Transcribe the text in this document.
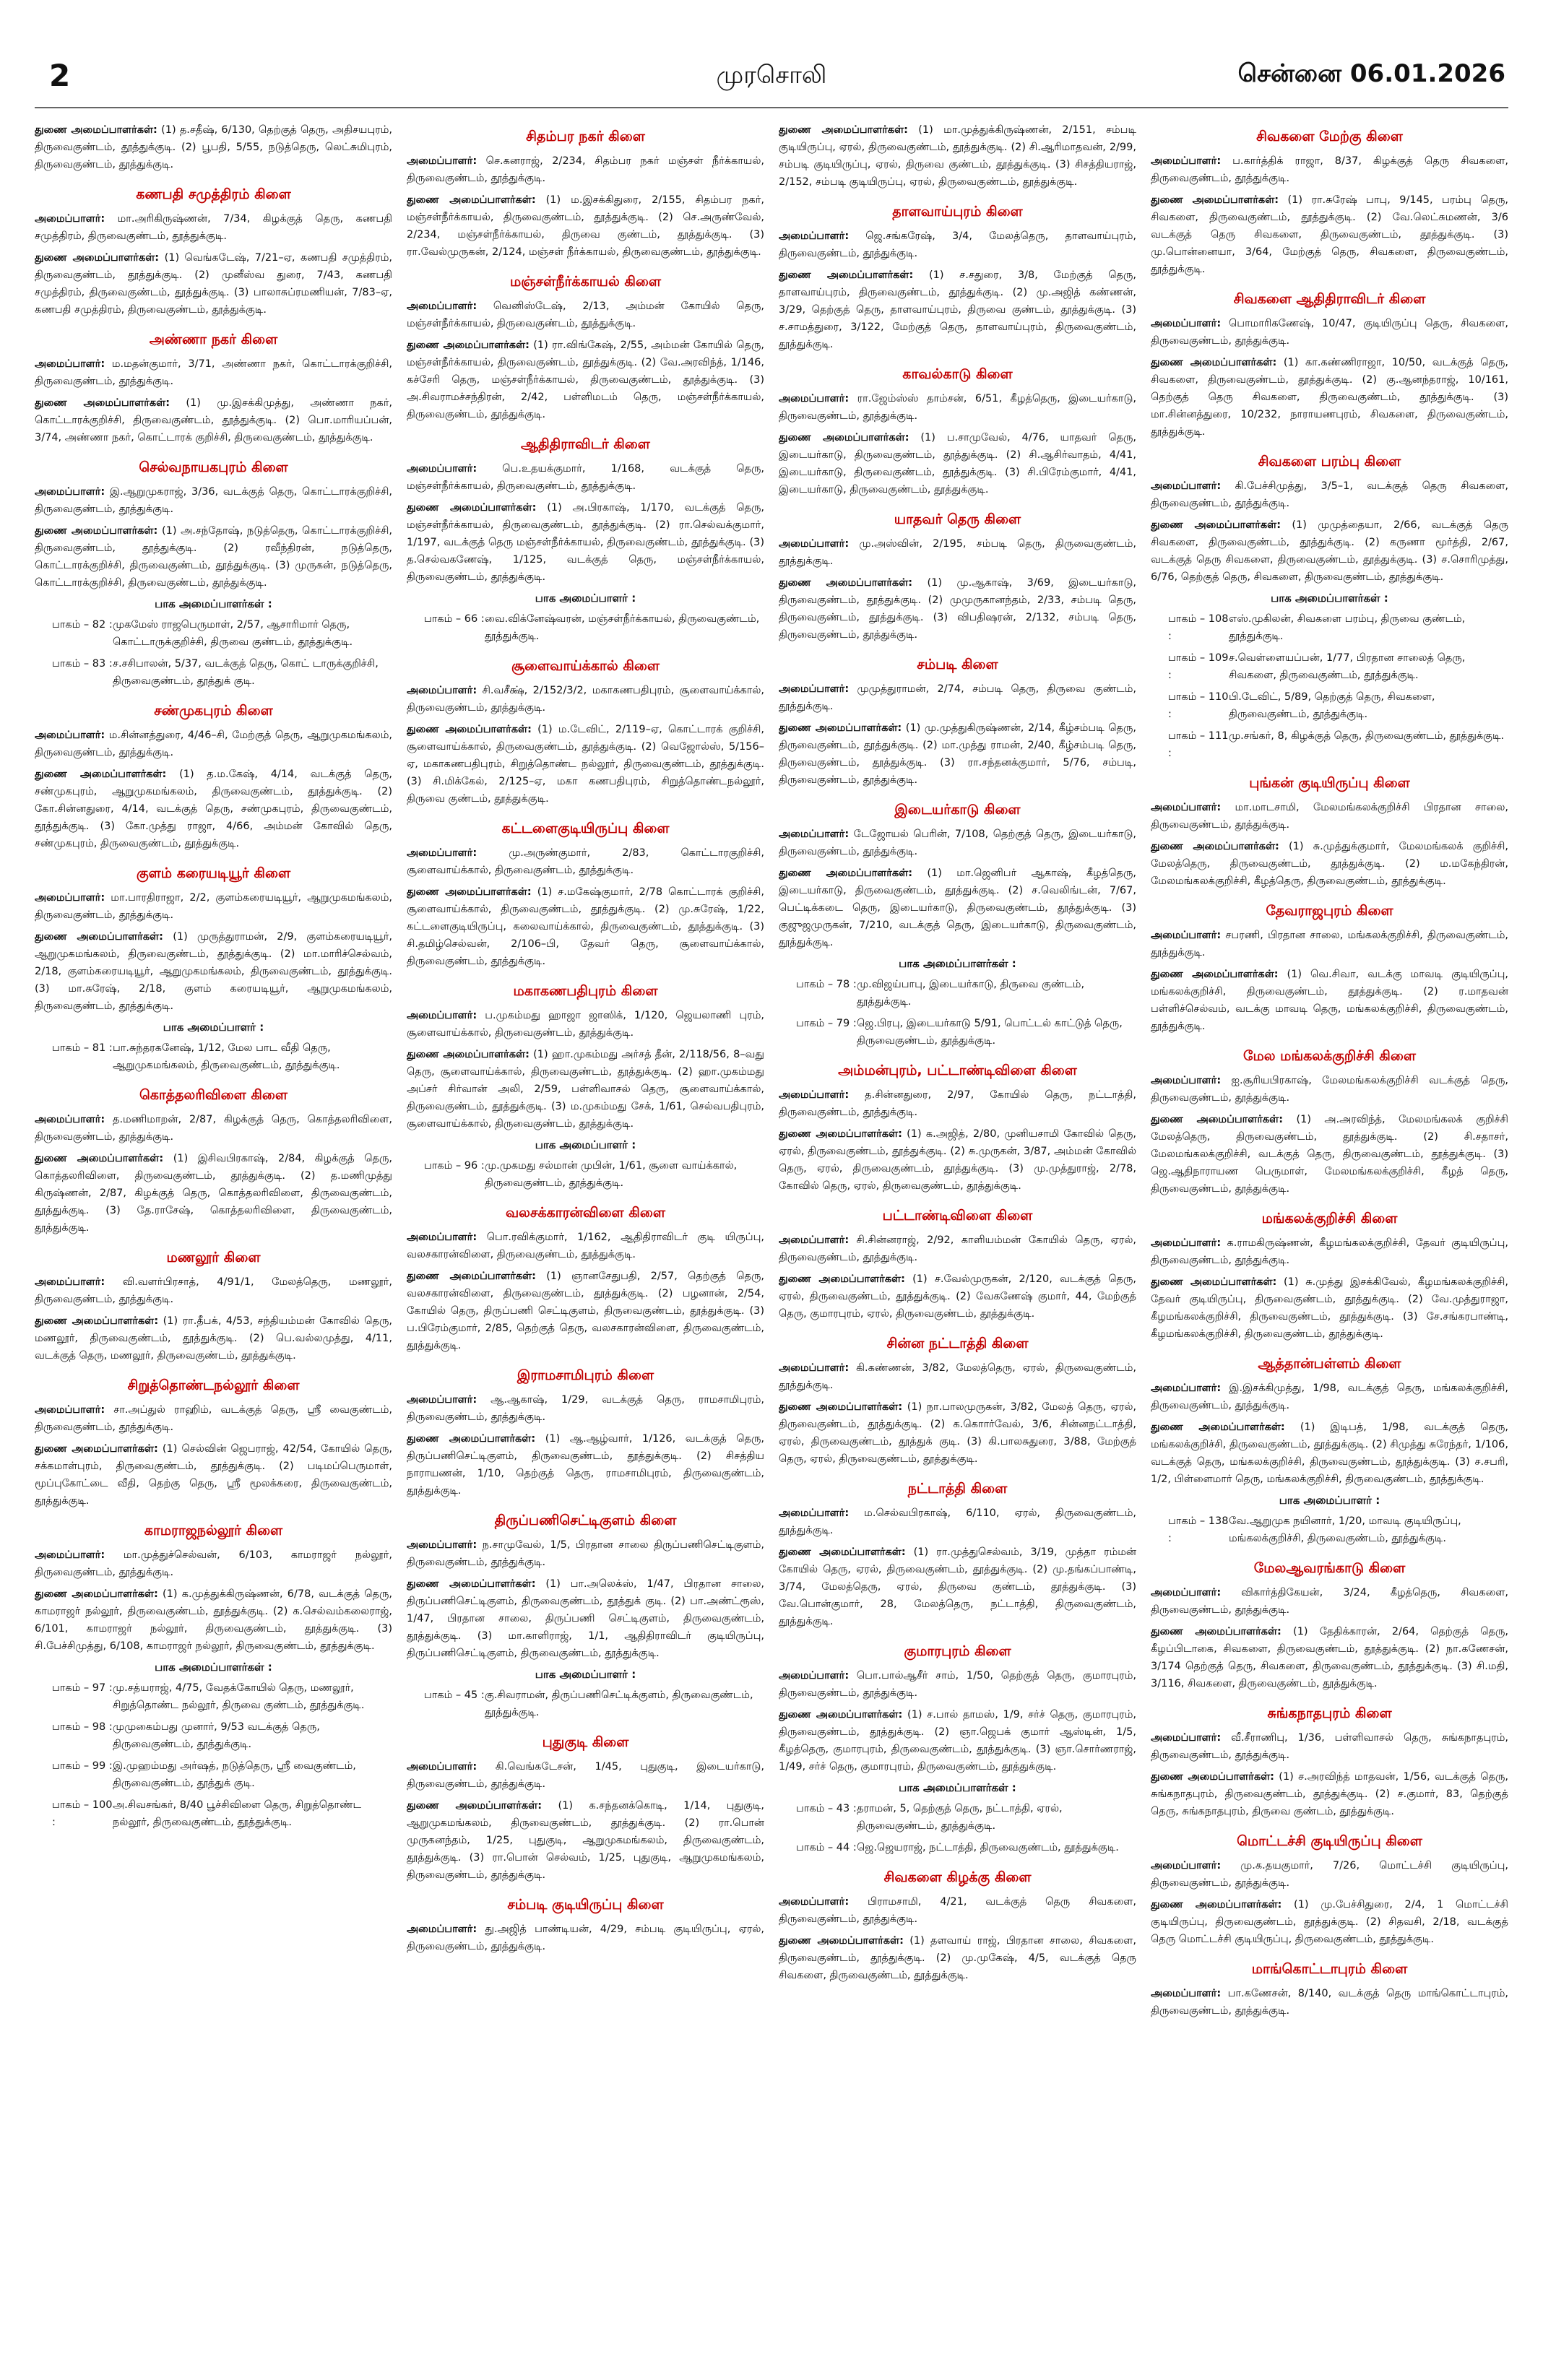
2	முரசொலி	சென்னை 06.01.2026

துணை அமைப்பாளர்கள்: (1) த.சதீஷ், 6/130, தெற்குத் தெரு, அதிசயபுரம், திருவைகுண்டம், தூத்துக்குடி. (2) பூபதி, 5/55, நடுத்தெரு, லெட்சுமிபுரம், திருவைகுண்டம், தூத்துக்குடி.

கணபதி சமுத்திரம் கிளை

அமைப்பாளர்: மா.அரிகிருஷ்ணன், 7/34, கிழக்குத் தெரு, கணபதி சமுத்திரம், திருவைகுண்டம், தூத்துக்குடி.

துணை அமைப்பாளர்கள்: (1) வெங்கடேஷ், 7/21–ஏ, கணபதி சமுத்திரம், திருவைகுண்டம், தூத்துக்குடி. (2) முனீஸ்வ துரை, 7/43, கணபதி சமுத்திரம், திருவைகுண்டம், தூத்துக்குடி. (3) பாலாசுப்ரமணியன், 7/83–ஏ, கணபதி சமுத்திரம், திருவைகுண்டம், தூத்துக்குடி.

அண்ணா நகர் கிளை

அமைப்பாளர்: ம.மதன்குமார், 3/71, அண்ணா நகர், கொட்டாரக்குறிச்சி, திருவைகுண்டம், தூத்துக்குடி.

துணை அமைப்பாளர்கள்: (1) மு.இசக்கிமுத்து, அண்ணா நகர், கொட்டாரக்குறிச்சி, திருவைகுண்டம், தூத்துக்குடி. (2) பொ.மாரியப்பன், 3/74, அண்ணா நகர், கொட்டாரக் குறிச்சி, திருவைகுண்டம், தூத்துக்குடி.

செல்வநாயகபுரம் கிளை

அமைப்பாளர்: இ.ஆறுமுகராஜ், 3/36, வடக்குத் தெரு, கொட்டாரக்குறிச்சி, திருவைகுண்டம், தூத்துக்குடி.

துணை அமைப்பாளர்கள்: (1) அ.சந்தோஷ், நடுத்தெரு, கொட்டாரக்குறிச்சி, திருவைகுண்டம், தூத்துக்குடி. (2) ரவீந்திரன், நடுத்தெரு, கொட்டாரக்குறிச்சி, திருவைகுண்டம், தூத்துக்குடி. (3) முருகன், நடுத்தெரு, கொட்டாரக்குறிச்சி, திருவைகுண்டம், தூத்துக்குடி.

பாக அமைப்பாளர்கள் :
பாகம் – 82 : முகமேஸ் ராஜபெருமாள், 2/57, ஆசாரிமார் தெரு, கொட்டாருக்குறிச்சி, திருவை குண்டம், தூத்துக்குடி.
பாகம் – 83 : ச.சசிபாலன், 5/37, வடக்குத் தெரு, கொட் டாருக்குறிச்சி, திருவைகுண்டம், தூத்துக் குடி.
சண்முகபுரம் கிளை

அமைப்பாளர்: ம.சின்னத்துரை, 4/46–சி, மேற்குத் தெரு, ஆறுமுகமங்கலம், திருவைகுண்டம், தூத்துக்குடி.

துணை அமைப்பாளர்கள்: (1) த.ம.கேஷ், 4/14, வடக்குத் தெரு, சண்முகபுரம், ஆறுமுகமங்கலம், திருவைகுண்டம், தூத்துக்குடி. (2) கோ.சின்னதுரை, 4/14, வடக்குத் தெரு, சண்முகபுரம், திருவைகுண்டம், தூத்துக்குடி. (3) கோ.முத்து ராஜா, 4/66, அம்மன் கோவில் தெரு, சண்முகபுரம், திருவைகுண்டம், தூத்துக்குடி.

குளம் கரையடியூர் கிளை

அமைப்பாளர்: மா.பாரதிராஜா, 2/2, குளம்கரையடியூர், ஆறுமுகமங்கலம், திருவைகுண்டம், தூத்துக்குடி.

துணை அமைப்பாளர்கள்: (1) முருத்துராமன், 2/9, குளம்கரையடியூர், ஆறுமுகமங்கலம், திருவைகுண்டம், தூத்துக்குடி. (2) மா.மாரிச்செல்வம், 2/18, குளம்கரையடியூர், ஆறுமுகமங்கலம், திருவைகுண்டம், தூத்துக்குடி. (3) மா.சுரேஷ், 2/18, குளம் கரையடியூர், ஆறுமுகமங்கலம், திருவைகுண்டம், தூத்துக்குடி.

பாக அமைப்பாளர் :
பாகம் – 81 : பா.சுந்தரகனேஷ், 1/12, மேல பாட வீதி தெரு, ஆறுமுகமங்கலம், திருவைகுண்டம், தூத்துக்குடி.
கொத்தலரிவிளை கிளை

அமைப்பாளர்: த.மணிமாறன், 2/87, கிழக்குத் தெரு, கொத்தலரிவிளை, திருவைகுண்டம், தூத்துக்குடி.

துணை அமைப்பாளர்கள்: (1) இசிவபிரகாஷ், 2/84, கிழக்குத் தெரு, கொத்தலரிவிளை, திருவைகுண்டம், தூத்துக்குடி. (2) த.மணிமுத்து கிருஷ்ணன், 2/87, கிழக்குத் தெரு, கொத்தலரிவிளை, திருவைகுண்டம், தூத்துக்குடி. (3) தே.ராசேஷ், கொத்தலரிவிளை, திருவைகுண்டம், தூத்துக்குடி.

மணலூர் கிளை

அமைப்பாளர்: வி.வளர்பிரசாத், 4/91/1, மேலத்தெரு, மணலூர், திருவைகுண்டம், தூத்துக்குடி.

துணை அமைப்பாளர்கள்: (1) ரா.தீபக், 4/53, சந்தியம்மன் கோவில் தெரு, மணலூர், திருவைகுண்டம், தூத்துக்குடி. (2) பெ.வல்லமுத்து, 4/11, வடக்குத் தெரு, மணலூர், திருவைகுண்டம், தூத்துக்குடி.

சிறுத்தொண்டநல்லூர் கிளை

அமைப்பாளர்: சா.அப்துல் ராஹிம், வடக்குத் தெரு, ஸ்ரீ வைகுண்டம், திருவைகுண்டம், தூத்துக்குடி.

துணை அமைப்பாளர்கள்: (1) செல்வின் ஜெபராஜ், 42/54, கோயில் தெரு, சக்கமாள்புரம், திருவைகுண்டம், தூத்துக்குடி. (2) படிமப்பெருமாள், மூப்புகோட்டை வீதி, தெற்கு தெரு, ஸ்ரீ மூலக்கரை, திருவைகுண்டம், தூத்துக்குடி.

காமராஜநல்லூர் கிளை

அமைப்பாளர்: மா.முத்துச்செல்வன், 6/103, காமராஜர் நல்லூர், திருவைகுண்டம், தூத்துக்குடி.

துணை அமைப்பாளர்கள்: (1) க.முத்துக்கிருஷ்ணன், 6/78, வடக்குத் தெரு, காமராஜர் நல்லூர், திருவைகுண்டம், தூத்துக்குடி. (2) க.செல்வம்கலைராஜ், 6/101, காமராஜர் நல்லூர், திருவைகுண்டம், தூத்துக்குடி. (3) சி.பேச்சிமுத்து, 6/108, காமராஜர் நல்லூர், திருவைகுண்டம், தூத்துக்குடி.

பாக அமைப்பாளர்கள் :
பாகம் – 97 : மு.சத்யராஜ், 4/75, வேதக்கோயில் தெரு, மணலூர், சிறுத்தொண்ட நல்லூர், திருவை குண்டம், தூத்துக்குடி.
பாகம் – 98 : முமுகைம்பது முனார், 9/53 வடக்குத் தெரு, திருவைகுண்டம், தூத்துக்குடி.
பாகம் – 99 : இ.முஹம்மது அர்ஷத், நடுத்தெரு, ஸ்ரீ வைகுண்டம், திருவைகுண்டம், தூத்துக் குடி.
பாகம் – 100 :
அ.சிவசங்கர், 8/40 பூச்சிவிளை தெரு, சிறுத்தொண்ட நல்லூர், திருவைகுண்டம், தூத்துக்குடி.
சிதம்பர நகர் கிளை

அமைப்பாளர்: செ.கனராஜ், 2/234, சிதம்பர நகர் மஞ்சள் நீர்க்காயல், திருவைகுண்டம், தூத்துக்குடி.

துணை அமைப்பாளர்கள்: (1) ம.இசக்கிதுரை, 2/155, சிதம்பர நகர், மஞ்சள்நீர்க்காயல், திருவைகுண்டம், தூத்துக்குடி. (2) செ.அருண்வேல், 2/234, மஞ்சள்நீர்க்காயல், திருவை குண்டம், தூத்துக்குடி. (3) ரா.வேல்முருகன், 2/124, மஞ்சள் நீர்க்காயல், திருவைகுண்டம், தூத்துக்குடி.

மஞ்சள்நீர்க்காயல் கிளை

அமைப்பாளர்: வெனிஸ்டேஷ், 2/13, அம்மன் கோயில் தெரு, மஞ்சள்நீர்க்காயல், திருவைகுண்டம், தூத்துக்குடி.

துணை அமைப்பாளர்கள்: (1) ரா.விங்கேஷ், 2/55, அம்மன் கோயில் தெரு, மஞ்சள்நீர்க்காயல், திருவைகுண்டம், தூத்துக்குடி. (2) வே.அரவிந்த், 1/146, கச்சேரி தெரு, மஞ்சள்நீர்க்காயல், திருவைகுண்டம், தூத்துக்குடி. (3) அ.சிவராமச்சந்திரன், 2/42, பள்ளிமடம் தெரு, மஞ்சள்நீர்க்காயல், திருவைகுண்டம், தூத்துக்குடி.

ஆதிதிராவிடர் கிளை

அமைப்பாளர்: பெ.உதயக்குமார், 1/168, வடக்குத் தெரு, மஞ்சள்நீர்க்காயல், திருவைகுண்டம், தூத்துக்குடி.

துணை அமைப்பாளர்கள்: (1) அ.பிரகாஷ், 1/170, வடக்குத் தெரு, மஞ்சள்நீர்க்காயல், திருவைகுண்டம், தூத்துக்குடி. (2) ரா.செல்வக்குமார், 1/197, வடக்குத் தெரு மஞ்சள்நீர்க்காயல், திருவைகுண்டம், தூத்துக்குடி. (3) த.செல்வகணேஷ், 1/125, வடக்குத் தெரு, மஞ்சள்நீர்க்காயல், திருவைகுண்டம், தூத்துக்குடி.

பாக அமைப்பாளர் :
பாகம் – 66 : வை.விக்னேஷ்வரன், மஞ்சள்நீர்க்காயல், திருவைகுண்டம், தூத்துக்குடி.
சூளைவாய்க்கால் கிளை

அமைப்பாளர்: சி.வசீக்ஷ், 2/152/3/2, மகாகணபதிபுரம், சூளைவாய்க்கால், திருவைகுண்டம், தூத்துக்குடி.

துணை அமைப்பாளர்கள்: (1) ம.டேவிட், 2/119–ஏ, கொட்டாரக் குறிச்சி, சூளைவாய்க்கால், திருவைகுண்டம், தூத்துக்குடி. (2) வெஜோல்ஸ், 5/156–ஏ, மகாகணபதிபுரம், சிறுத்தொண்ட நல்லூர், திருவைகுண்டம், தூத்துக்குடி. (3) சி.மிக்கேல், 2/125–ஏ, மகா கணபதிபுரம், சிறுத்தொண்டநல்லூர், திருவை குண்டம், தூத்துக்குடி.

கட்டளைகுடியிருப்பு கிளை

அமைப்பாளர்:	மு.அருண்குமார், 2/83, கொட்டாரகுறிச்சி, சூளைவாய்க்கால், திருவைகுண்டம், தூத்துக்குடி.

துணை அமைப்பாளர்கள்: (1) ச.மகேஷ்குமார், 2/78 கொட்டாரக் குறிச்சி, சூளைவாய்க்கால், திருவைகுண்டம், தூத்துக்குடி. (2) மு.சுரேஷ், 1/22, கட்டளைகுடியிருப்பு, கலைவாய்க்கால், திருவைகுண்டம், தூத்துக்குடி. (3) சி.தமிழ்செல்வன், 2/106–பி, தேவர் தெரு, சூளைவாய்க்கால், திருவைகுண்டம், தூத்துக்குடி.

மகாகணபதிபுரம் கிளை

அமைப்பாளர்: ப.முகம்மது ஹாஜா ஜாஸிக், 1/120, ஜெயலாணி புரம், சூளைவாய்க்கால், திருவைகுண்டம், தூத்துக்குடி.

துணை அமைப்பாளர்கள்: (1) ஹா.முகம்மது அர்சத் தீன், 2/118/56, 8–வது தெரு, சூளைவாய்க்கால், திருவைகுண்டம், தூத்துக்குடி. (2) ஹா.முகம்மது அப்சர் சிர்வான் அலி, 2/59, பள்ளிவாசல் தெரு, சூளைவாய்க்கால், திருவைகுண்டம், தூத்துக்குடி. (3) ம.முகம்மது சேக், 1/61, செல்வபதிபுரம், சூளைவாய்க்கால், திருவைகுண்டம், தூத்துக்குடி.

பாக அமைப்பாளர் :
பாகம் – 96 : மு.முகமது சல்மான் முபின், 1/61, சூளை வாய்க்கால், திருவைகுண்டம், தூத்துக்குடி.
வலசக்காரன்விளை கிளை

அமைப்பாளர்: பொ.ரவிக்குமார், 1/162, ஆதிதிராவிடர் குடி யிருப்பு, வலசகாரன்விளை, திருவைகுண்டம், தூத்துக்குடி.

துணை அமைப்பாளர்கள்: (1) ஞானசேதுபதி, 2/57, தெற்குத் தெரு, வலசகாரன்விளை, திருவைகுண்டம், தூத்துக்குடி. (2) பழனான், 2/54, கோயில் தெரு, திருப்பணி செட்டிகுளம், திருவைகுண்டம், தூத்துக்குடி. (3) ப.பிரேம்குமார், 2/85, தெற்குத் தெரு, வலசகாரன்விளை, திருவைகுண்டம், தூத்துக்குடி.

இராமசாமிபுரம் கிளை

அமைப்பாளர்: ஆ.ஆகாஷ், 1/29, வடக்குத் தெரு, ராமசாமிபுரம், திருவைகுண்டம், தூத்துக்குடி.

துணை அமைப்பாளர்கள்: (1) ஆ.ஆழ்வார், 1/126, வடக்குத் தெரு, திருப்பணிசெட்டிகுளம், திருவைகுண்டம், தூத்துக்குடி. (2) சிசத்திய நாராயணன், 1/10, தெற்குத் தெரு, ராமசாமிபுரம், திருவைகுண்டம், தூத்துக்குடி.

திருப்பணிசெட்டிகுளம் கிளை

அமைப்பாளர்: ந.சாமுவேல், 1/5, பிரதான சாலை திருப்பணிசெட்டிகுளம், திருவைகுண்டம், தூத்துக்குடி.

துணை அமைப்பாளர்கள்: (1) பா.அலெக்ஸ், 1/47, பிரதான சாலை, திருப்பணிசெட்டிகுளம், திருவைகுண்டம், தூத்துக் குடி. (2) பா.அண்ட்ரூஸ், 1/47, பிரதான சாலை, திருப்பணி செட்டிகுளம், திருவைகுண்டம், தூத்துக்குடி. (3) மா.காளிராஜ், 1/1, ஆதிதிராவிடர் குடியிருப்பு, திருப்பணிசெட்டிகுளம், திருவைகுண்டம், தூத்துக்குடி.

பாக அமைப்பாளர் :
பாகம் – 45 : கு.சிவராமன், திருப்பணிசெட்டிக்குளம், திருவைகுண்டம், தூத்துக்குடி.
புதுகுடி கிளை

அமைப்பாளர்: கி.வெங்கடேசன், 1/45, புதுகுடி, இடையர்காடு, திருவைகுண்டம், தூத்துக்குடி.

துணை அமைப்பாளர்கள்: (1) க.சந்தனக்கொடி, 1/14, புதுகுடி, ஆறுமுகமங்கலம், திருவைகுண்டம், தூத்துக்குடி. (2) ரா.பொன் முருகனந்தம், 1/25, புதுகுடி, ஆறுமுகமங்கலம், திருவைகுண்டம், தூத்துக்குடி. (3) ரா.பொன் செல்வம், 1/25, புதுகுடி, ஆறுமுகமங்கலம், திருவைகுண்டம், தூத்துக்குடி.

சம்படி குடியிருப்பு கிளை

அமைப்பாளர்: து.அஜித் பாண்டியன், 4/29, சம்படி குடியிருப்பு, ஏரல், திருவைகுண்டம், தூத்துக்குடி.

துணை அமைப்பாளர்கள்: (1) மா.முத்துக்கிருஷ்ணன், 2/151, சம்படி குடியிருப்பு, ஏரல், திருவைகுண்டம், தூத்துக்குடி. (2) சி.ஆரிமாதவன், 2/99, சம்படி குடியிருப்பு, ஏரல், திருவை குண்டம், தூத்துக்குடி. (3) சிசத்தியராஜ், 2/152, சம்படி குடியிருப்பு, ஏரல், திருவைகுண்டம், தூத்துக்குடி.

தாளவாய்புரம் கிளை

அமைப்பாளர்: ஜெ.சங்கரேஷ், 3/4, மேலத்தெரு, தாளவாய்புரம், திருவைகுண்டம், தூத்துக்குடி.

துணை அமைப்பாளர்கள்: (1) ச.சதுரை, 3/8, மேற்குத் தெரு, தாளவாய்புரம், திருவைகுண்டம், தூத்துக்குடி. (2) மு.அஜித் கண்ணன், 3/29, தெற்குத் தெரு, தாளவாய்புரம், திருவை குண்டம், தூத்துக்குடி. (3) ச.சாமத்துரை, 3/122, மேற்குத் தெரு, தாளவாய்புரம், திருவைகுண்டம், தூத்துக்குடி.

காவல்காடு கிளை

அமைப்பாளர்: ரா.ஜேம்ஸ்ஸ் தாம்சன், 6/51, கீழத்தெரு, இடையர்காடு, திருவைகுண்டம், தூத்துக்குடி.

துணை அமைப்பாளர்கள்: (1) ப.சாமுவேல், 4/76, யாதவர் தெரு, இடையர்காடு, திருவைகுண்டம், தூத்துக்குடி. (2) சி.ஆசிர்வாதம், 4/41, இடையர்காடு, திருவைகுண்டம், தூத்துக்குடி. (3) சி.பிரேம்குமார், 4/41, இடையர்காடு, திருவைகுண்டம், தூத்துக்குடி.

யாதவர் தெரு கிளை

அமைப்பாளர்: மு.அஸ்வின், 2/195, சம்படி தெரு, திருவைகுண்டம், தூத்துக்குடி.

துணை அமைப்பாளர்கள்: (1) மு.ஆகாஷ், 3/69, இடையர்காடு, திருவைகுண்டம், தூத்துக்குடி. (2) முமுருகானந்தம், 2/33, சம்படி தெரு, திருவைகுண்டம், தூத்துக்குடி. (3) விபதிஷரன், 2/132, சம்படி தெரு, திருவைகுண்டம், தூத்துக்குடி.

சம்படி கிளை

அமைப்பாளர்: முமுத்துராமன், 2/74, சம்படி தெரு, திருவை குண்டம், தூத்துக்குடி.

துணை அமைப்பாளர்கள்: (1) மு.முத்துகிருஷ்ணன், 2/14, கீழ்சம்படி தெரு, திருவைகுண்டம், தூத்துக்குடி. (2) மா.முத்து ராமன், 2/40, கீழ்சம்படி தெரு, திருவைகுண்டம், தூத்துக்குடி. (3) ரா.சந்தனக்குமார், 5/76, சம்படி, திருவைகுண்டம், தூத்துக்குடி.

இடையர்காடு கிளை

அமைப்பாளர்: டேஜோயல் பெரின், 7/108, தெற்குத் தெரு, இடையர்காடு, திருவைகுண்டம், தூத்துக்குடி.

துணை அமைப்பாளர்கள்: (1) மா.ஜெனிபர் ஆகாஷ், கீழத்தெரு, இடையர்காடு, திருவைகுண்டம், தூத்துக்குடி. (2) ச.வெலிங்டன், 7/67, பெட்டிக்கடை தெரு, இடையர்காடு, திருவைகுண்டம், தூத்துக்குடி. (3) குஜுஜமுருகன், 7/210, வடக்குத் தெரு, இடையர்காடு, திருவைகுண்டம், தூத்துக்குடி.

பாக அமைப்பாளர்கள் :
பாகம் – 78 : மு.விஜய்பாபு, இடையர்காடு, திருவை குண்டம், தூத்துக்குடி.
பாகம் – 79 : ஜெ.பிரபு, இடையர்காடு 5/91, பொட்டல் காட்டுத் தெரு, திருவைகுண்டம், தூத்துக்குடி.
அம்மன்புரம், பட்டாண்டிவிளை கிளை

அமைப்பாளர்: த.சின்னதுரை, 2/97, கோயில் தெரு, நட்டாத்தி, திருவைகுண்டம், தூத்துக்குடி.

துணை அமைப்பாளர்கள்: (1) க.அஜித், 2/80, முனியசாமி கோவில் தெரு, ஏரல், திருவைகுண்டம், தூத்துக்குடி. (2) சு.முருகன், 3/87, அம்மன் கோவில் தெரு, ஏரல், திருவைகுண்டம், தூத்துக்குடி. (3) மு.முத்துராஜ், 2/78, கோவில் தெரு, ஏரல், திருவைகுண்டம், தூத்துக்குடி.

பட்டாண்டிவிளை கிளை

அமைப்பாளர்: சி.சின்னராஜ், 2/92, காளியம்மன் கோயில் தெரு, ஏரல், திருவைகுண்டம், தூத்துக்குடி.

துணை அமைப்பாளர்கள்: (1) ச.வேல்முருகன், 2/120, வடக்குத் தெரு, ஏரல், திருவைகுண்டம், தூத்துக்குடி. (2) வேகணேஷ் குமார், 44, மேற்குத் தெரு, குமாரபுரம், ஏரல், திருவைகுண்டம், தூத்துக்குடி.

சின்ன நட்டாத்தி கிளை

அமைப்பாளர்: கி.கண்ணன், 3/82, மேலத்தெரு, ஏரல், திருவைகுண்டம், தூத்துக்குடி.

துணை அமைப்பாளர்கள்: (1) நா.பாலமுருகன், 3/82, மேலத் தெரு, ஏரல், திருவைகுண்டம், தூத்துக்குடி. (2) க.கொார்வேல், 3/6, சின்னநட்டாத்தி, ஏரல், திருவைகுண்டம், தூத்துக் குடி. (3) கி.பாலசுதுரை, 3/88, மேற்குத் தெரு, ஏரல், திருவைகுண்டம், தூத்துக்குடி.

நட்டாத்தி கிளை

அமைப்பாளர்: ம.செல்வபிரகாஷ், 6/110, ஏரல், திருவைகுண்டம், தூத்துக்குடி.

துணை அமைப்பாளர்கள்: (1) ரா.முத்துசெல்வம், 3/19, முத்தா ரம்மன் கோயில் தெரு, ஏரல், திருவைகுண்டம், தூத்துக்குடி. (2) மு.தங்கப்பாண்டி, 3/74, மேலத்தெரு, ஏரல், திருவை குண்டம், தூத்துக்குடி. (3) வே.பொன்குமார், 28, மேலத்தெரு, நட்டாத்தி, திருவைகுண்டம், தூத்துக்குடி.

குமாரபுரம் கிளை

அமைப்பாளர்: பொ.பால்ஆசீர் சாம், 1/50, தெற்குத் தெரு, குமாரபுரம், திருவைகுண்டம், தூத்துக்குடி.

துணை அமைப்பாளர்கள்: (1) ச.பால் தாமஸ், 1/9, சர்ச் தெரு, குமாரபுரம், திருவைகுண்டம், தூத்துக்குடி. (2) ஞா.ஜெபக் குமார் ஆஸ்டின், 1/5, கீழத்தெரு, குமாரபுரம், திருவைகுண்டம், தூத்துக்குடி. (3) ஞா.சொர்ணராஜ், 1/49, சர்ச் தெரு, குமாரபுரம், திருவைகுண்டம், தூத்துக்குடி.

பாக அமைப்பாளர்கள் :
பாகம் – 43 : தராமன், 5, தெற்குத் தெரு, நட்டாத்தி, ஏரல், திருவைகுண்டம், தூத்துக்குடி.
பாகம் – 44 : ஜெ.ஜெயராஜ், நட்டாத்தி, திருவைகுண்டம், தூத்துக்குடி.
சிவகளை கிழக்கு கிளை

அமைப்பாளர்: பிராமசாமி, 4/21, வடக்குத் தெரு சிவகளை, திருவைகுண்டம், தூத்துக்குடி.

துணை அமைப்பாளர்கள்: (1) தளவாய் ராஜ், பிரதான சாலை, சிவகளை, திருவைகுண்டம், தூத்துக்குடி. (2) மு.முகேஷ், 4/5, வடக்குத் தெரு சிவகளை, திருவைகுண்டம், தூத்துக்குடி.

சிவகளை மேற்கு கிளை

அமைப்பாளர்: ப.கார்த்திக் ராஜா, 8/37, கிழக்குத் தெரு சிவகளை, திருவைகுண்டம், தூத்துக்குடி.

துணை அமைப்பாளர்கள்: (1) ரா.சுரேஷ் பாபு, 9/145, பரம்பு தெரு, சிவகளை, திருவைகுண்டம், தூத்துக்குடி. (2) வே.லெட்சுமணன், 3/6 வடக்குத் தெரு சிவகளை, திருவைகுண்டம், தூத்துக்குடி. (3) மு.பொன்னையா, 3/64, மேற்குத் தெரு, சிவகளை, திருவைகுண்டம், தூத்துக்குடி.

சிவகளை ஆதிதிராவிடர் கிளை

அமைப்பாளர்: பொமாரிகணேஷ், 10/47, குடியிருப்பு தெரு, சிவகளை, திருவைகுண்டம், தூத்துக்குடி.

துணை அமைப்பாளர்கள்: (1) கா.கண்ணிராஜா, 10/50, வடக்குத் தெரு, சிவகளை, திருவைகுண்டம், தூத்துக்குடி. (2) கு.ஆனந்தராஜ், 10/161, தெற்குத் தெரு சிவகளை, திருவைகுண்டம், தூத்துக்குடி. (3) மா.சின்னத்துரை, 10/232, நாராயணபுரம், சிவகளை, திருவைகுண்டம், தூத்துக்குடி.

சிவகளை பரம்பு கிளை

அமைப்பாளர்: கி.பேச்சிமுத்து, 3/5–1, வடக்குத் தெரு சிவகளை, திருவைகுண்டம், தூத்துக்குடி.

துணை அமைப்பாளர்கள்: (1) முமுத்தையா, 2/66, வடக்குத் தெரு சிவகளை, திருவைகுண்டம், தூத்துக்குடி. (2) கருணா மூர்த்தி, 2/67, வடக்குத் தெரு சிவகளை, திருவைகுண்டம், தூத்துக்குடி. (3) ச.சொரிமுத்து, 6/76, தெற்குத் தெரு, சிவகளை, திருவைகுண்டம், தூத்துக்குடி.

பாக அமைப்பாளர்கள் :
பாகம் – 108 :
எஸ்.முகிலன், சிவகளை பரம்பு, திருவை குண்டம், தூத்துக்குடி.
பாகம் – 109 :
ச.வெள்ளையப்பன், 1/77, பிரதான சாலைத் தெரு, சிவகளை, திருவைகுண்டம், தூத்துக்குடி.
பாகம் – 110 :
பி.டேவிட், 5/89, தெற்குத் தெரு, சிவகளை, திருவைகுண்டம், தூத்துக்குடி.
பாகம் – 111 :
மு.சங்கர், 8, கிழக்குத் தெரு, திருவைகுண்டம், தூத்துக்குடி.
புங்கன் குடியிருப்பு கிளை

அமைப்பாளர்: மா.மாடசாமி, மேலமங்கலக்குறிச்சி பிரதான சாலை, திருவைகுண்டம், தூத்துக்குடி.

துணை அமைப்பாளர்கள்: (1) சு.முத்துக்குமார், மேலமங்கலக் குறிச்சி, மேலத்தெரு, திருவைகுண்டம், தூத்துக்குடி. (2) ம.மகேந்திரன், மேலமங்கலக்குறிச்சி, கீழத்தெரு, திருவைகுண்டம், தூத்துக்குடி.

தேவராஜபுரம் கிளை

அமைப்பாளர்: சபரணி, பிரதான சாலை, மங்கலக்குறிச்சி, திருவைகுண்டம், தூத்துக்குடி.

துணை அமைப்பாளர்கள்: (1) வெ.சிவா, வடக்கு மாவடி குடியிருப்பு, மங்கலக்குறிச்சி, திருவைகுண்டம், தூத்துக்குடி. (2) ர.மாதவன் பள்ளிச்செல்வம், வடக்கு மாவடி தெரு, மங்கலக்குறிச்சி, திருவைகுண்டம், தூத்துக்குடி.

மேல மங்கலக்குறிச்சி கிளை

அமைப்பாளர்: ஐ.சூரியபிரகாஷ், மேலமங்கலக்குறிச்சி வடக்குத் தெரு, திருவைகுண்டம், தூத்துக்குடி.

துணை அமைப்பாளர்கள்: (1) அ.அரவிந்த், மேலமங்கலக் குறிச்சி மேலத்தெரு, திருவைகுண்டம், தூத்துக்குடி. (2) சி.சதாசர், மேலமங்கலக்குறிச்சி, வடக்குத் தெரு, திருவைகுண்டம், தூத்துக்குடி. (3) ஜெ.ஆதிநாராயண பெருமாள், மேலமங்கலக்குறிச்சி, கீழத் தெரு, திருவைகுண்டம், தூத்துக்குடி.

மங்கலக்குறிச்சி கிளை

அமைப்பாளர்: க.ராமகிருஷ்ணன், கீழமங்கலக்குறிச்சி, தேவர் குடியிருப்பு, திருவைகுண்டம், தூத்துக்குடி.

துணை அமைப்பாளர்கள்: (1) சு.முத்து இசக்கிவேல், கீழமங்கலக்குறிச்சி, தேவர் குடியிருப்பு, திருவைகுண்டம், தூத்துக்குடி. (2) வே.முத்துராஜா, கீழமங்கலக்குறிச்சி, திருவைகுண்டம், தூத்துக்குடி. (3) சே.சங்கரபாண்டி, கீழமங்கலக்குறிச்சி, திருவைகுண்டம், தூத்துக்குடி.

ஆத்தான்பள்ளம் கிளை

அமைப்பாளர்: இ.இசக்கிமுத்து, 1/98, வடக்குத் தெரு, மங்கலக்குறிச்சி, திருவைகுண்டம், தூத்துக்குடி.

துணை அமைப்பாளர்கள்: (1) இடிபத், 1/98, வடக்குத் தெரு, மங்கலக்குறிச்சி, திருவைகுண்டம், தூத்துக்குடி. (2) சிமுத்து சுரேந்தர், 1/106, வடக்குத் தெரு, மங்கலக்குறிச்சி, திருவைகுண்டம், தூத்துக்குடி. (3) ச.சபரி, 1/2, பிள்ளைமார் தெரு, மங்கலக்குறிச்சி, திருவைகுண்டம், தூத்துக்குடி.

பாக அமைப்பாளர் :
பாகம் – 138 :
வே.ஆறுமுக நயினார், 1/20, மாவடி குடியிருப்பு, மங்கலக்குறிச்சி, திருவைகுண்டம், தூத்துக்குடி.
மேலஆவரங்காடு கிளை

அமைப்பாளர்: விகார்த்திகேயன், 3/24, கீழத்தெரு, சிவகளை, திருவைகுண்டம், தூத்துக்குடி.

துணை அமைப்பாளர்கள்: (1) தேதிக்காரன், 2/64, தெற்குத் தெரு, கீழப்பிடாகை, சிவகளை, திருவைகுண்டம், தூத்துக்குடி. (2) நா.கணேசன், 3/174 தெற்குத் தெரு, சிவகளை, திருவைகுண்டம், தூத்துக்குடி. (3) சி.மதி, 3/116, சிவகளை, திருவைகுண்டம், தூத்துக்குடி.

சுங்கநாதபுரம் கிளை

அமைப்பாளர்: வீ.சீராணிபு, 1/36, பள்ளிவாசல் தெரு, சுங்கநாதபுரம், திருவைகுண்டம், தூத்துக்குடி.

துணை அமைப்பாளர்கள்: (1) ச.அரவிந்த் மாதவன், 1/56, வடக்குத் தெரு, சுங்கநாதபுரம், திருவைகுண்டம், தூத்துக்குடி. (2) ச.குமார், 83, தெற்குத் தெரு, சுங்கநாதபுரம், திருவை குண்டம், தூத்துக்குடி.

மொட்டச்சி குடியிருப்பு கிளை

அமைப்பாளர்: மு.க.தயகுமார், 7/26, மொட்டச்சி குடியிருப்பு, திருவைகுண்டம், தூத்துக்குடி.

துணை அமைப்பாளர்கள்: (1) மு.பேச்சிதுரை, 2/4, 1 மொட்டச்சி குடியிருப்பு, திருவைகுண்டம், தூத்துக்குடி. (2) சிதவசி, 2/18, வடக்குத் தெரு மொட்டச்சி குடியிருப்பு, திருவைகுண்டம், தூத்துக்குடி.

மாங்கொட்டாபுரம் கிளை

அமைப்பாளர்: பா.கணேசன், 8/140, வடக்குத் தெரு மாங்கொட்டாபுரம், திருவைகுண்டம், தூத்துக்குடி.
